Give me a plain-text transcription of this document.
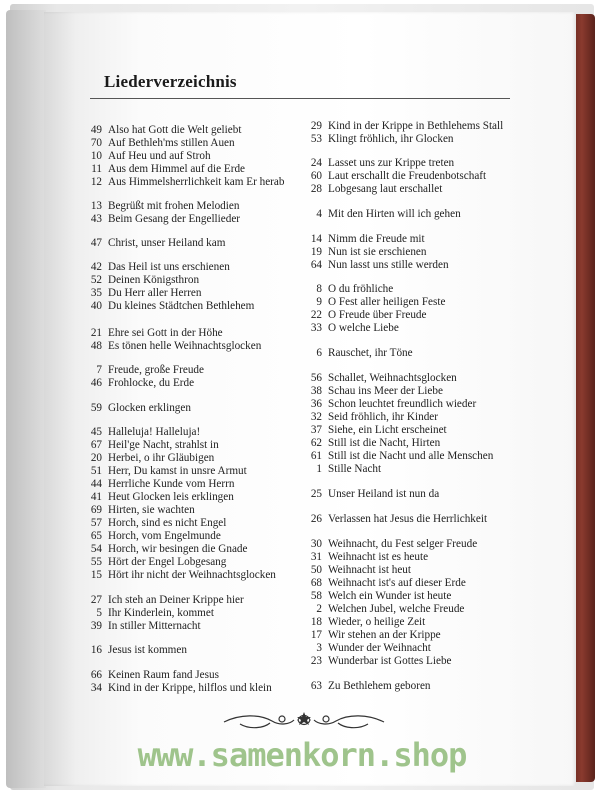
Liederverzeichnis
49 Also hat Gott die Welt geliebt
70 Auf Bethleh'ms stillen Auen
10 Auf Heu und auf Stroh
11 Aus dem Himmel auf die Erde
12 Aus Himmelsherrlichkeit kam Er herab
13 Begrüßt mit frohen Melodien
43 Beim Gesang der Engellieder
47 Christ, unser Heiland kam
42 Das Heil ist uns erschienen
52 Deinen Königsthron
35 Du Herr aller Herren
40 Du kleines Städtchen Bethlehem
21 Ehre sei Gott in der Höhe
48 Es tönen helle Weihnachtsglocken
7 Freude, große Freude
46 Frohlocke, du Erde
59 Glocken erklingen
45 Halleluja! Halleluja!
67 Heil'ge Nacht, strahlst in
20 Herbei, o ihr Gläubigen
51 Herr, Du kamst in unsre Armut
44 Herrliche Kunde vom Herrn
41 Heut Glocken leis erklingen
69 Hirten, sie wachten
57 Horch, sind es nicht Engel
65 Horch, vom Engelmunde
54 Horch, wir besingen die Gnade
55 Hört der Engel Lobgesang
15 Hört ihr nicht der Weihnachtsglocken
27 Ich steh an Deiner Krippe hier
5 Ihr Kinderlein, kommet
39 In stiller Mitternacht
16 Jesus ist kommen
66 Keinen Raum fand Jesus
34 Kind in der Krippe, hilflos und klein
29 Kind in der Krippe in Bethlehems Stall
53 Klingt fröhlich, ihr Glocken
24 Lasset uns zur Krippe treten
60 Laut erschallt die Freudenbotschaft
28 Lobgesang laut erschallet
4 Mit den Hirten will ich gehen
14 Nimm die Freude mit
19 Nun ist sie erschienen
64 Nun lasst uns stille werden
8 O du fröhliche
9 O Fest aller heiligen Feste
22 O Freude über Freude
33 O welche Liebe
6 Rauschet, ihr Töne
56 Schallet, Weihnachtsglocken
38 Schau ins Meer der Liebe
36 Schon leuchtet freundlich wieder
32 Seid fröhlich, ihr Kinder
37 Siehe, ein Licht erscheinet
62 Still ist die Nacht, Hirten
61 Still ist die Nacht und alle Menschen
1 Stille Nacht
25 Unser Heiland ist nun da
26 Verlassen hat Jesus die Herrlichkeit
30 Weihnacht, du Fest selger Freude
31 Weihnacht ist es heute
50 Weihnacht ist heut
68 Weihnacht ist's auf dieser Erde
58 Welch ein Wunder ist heute
2 Welchen Jubel, welche Freude
18 Wieder, o heilige Zeit
17 Wir stehen an der Krippe
3 Wunder der Weihnacht
23 Wunderbar ist Gottes Liebe
63 Zu Bethlehem geboren
www.samenkorn.shop
